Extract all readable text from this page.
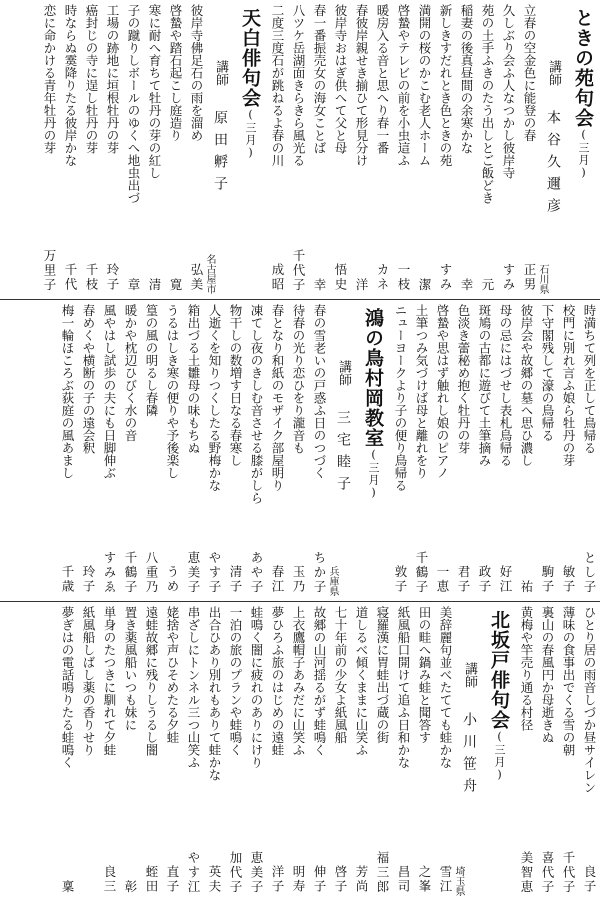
ときの苑句会(三月)
講師
本谷久邇彦
石川県
立春の空金色に能登の春
正男
久しぶり会ふ人なつかし彼岸寺
すみ
苑の土手ふきのたう出しとご飯どき
元
稲妻の後真昼間の余寒かな
幸
新しきすだれとき色ときの苑
すみ
満開の桜のかこむ老人ホーム
潔
啓蟄やテレビの前を小虫這ふ
一枝
暖房入る音と思へり春一番
カネ
春彼岸親せき揃ひて形見分け
洋
彼岸寺おはぎ供へて父と母
悟史
春一番振売女の海女ことば
幸
八ツケ岳湖面きらきら風光る
千代子
二度三度石が跳ねるよ春の川
成昭
天白俳句会(三月)
講師
原田孵子
名古屋市
彼岸寺佛足石の雨を溜め
弘美
啓蟄や踏石起こし庭造り
寛
寒に耐へ育ちて牡丹の芽の紅し
清
子の蹴りしボールのゆくへ地虫出づ
章
工場の跡地に垣根牡丹の芽
玲子
癌封じの寺に逞し牡丹の芽
千枝
時ならぬ霙降りたる彼岸かな
千代
恋に命かける青年牡丹の芽
万里子
時満ちて列を正して鳥帰る
とし子
校門に別れ言ふ娘ら牡丹の芽
敏子
下守閣残して濠の鳥帰る
駒子
彼岸会や故郷の墓へ思ひ濃し
祐
母の忌にはづせし表札鳥帰る
好江
斑鳩の古都に遊びて土筆摘み
政子
色淡き蕾秘め抱く牡丹の芽
君子
啓蟄や思はず触れし娘のピアノ
一恵
土筆つみ気づけば母と離れをり
千鶴子
ニューヨークより子の便り鳥帰る
敦子
鴻の鳥村岡教室(三月)
講師
三宅睦子
兵庫県
春の雪老いの戸惑ふ日のつづく
ちか子
待春の光り恋ひをり瀧音も
玉乃
春となり和紙のモザイク部屋明り
春江
凍てし夜のきしむ音させる膝がしら
あや子
物干しの数増す日なる春寒し
清子
人逝くを知りつくしたる野梅かな
やす子
箱出づる土雛母の味もちぬ
恵美子
うるはしき寒の便りや予後楽し
うめ
篁の風の明るし春隣
八重乃
暖かや枕辺ひびく水の音
千鶴子
風やはし試歩の夫にも日脚伸ぶ
すみゑ
春めくや横断の子の遠会釈
玲子
梅一輪ほころぶ荻庭の風あまし
千歳
ひとり居の雨音しづか昼サイレン
良子
薄味の食事出でくる雪の朝
千代子
裏山の春風円か母逝きぬ
喜代子
黄梅や竿売り通る村径
美智恵
北坂戸俳句会(三月)
講師
小川笹舟
埼玉県
美辞麗句並べたてても蛙かな
雪江
田の畦へ鍋み蛙と聞答す
之峯
紙風船口開けて追ふ日和かな
昌司
寝羅漢に胃蛙出づ蔵の街
福三郎
道しるべ傾くままに山笑ふ
芳尚
七十年前の少女よ紙風船
啓子
故郷の山河揺るがず蛙鳴く
伸子
上衣鷹帽子あみだに山笑ふ
明寿
夢ひろふ旅のはじめの遠蛙
洋子
蛙鳴く闇に疲れのありにけり
恵美子
一泊の旅のプランや蛙鳴く
加代子
出合ひあり別れもありて蛙かな
英夫
串ざしにトンネル三つ山笑ふ
やす江
姥捨や声ひそめたる夕蛙
直子
遠蛙故郷に残りしうるし闇
蛭田
置き薬風船いつも妹に
彰
単身のたつきに馴れて夕蛙
良三
紙風船しばし薬の香りせり
夢ぎはの電話鳴りたる蛙鳴く
稟
